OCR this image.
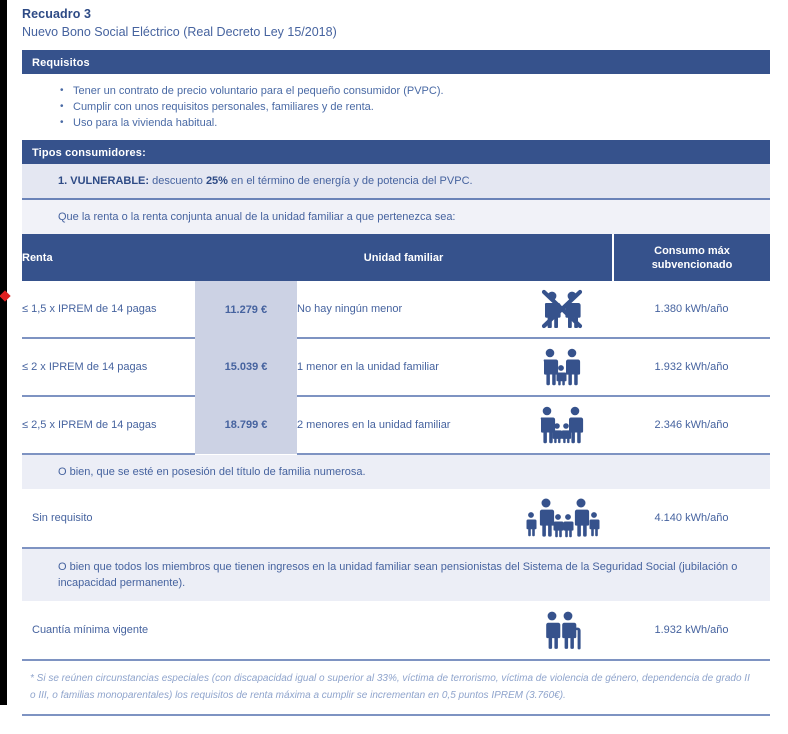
Recuadro 3
Nuevo Bono Social Eléctrico (Real Decreto Ley 15/2018)
Requisitos
• Tener un contrato de precio voluntario para el pequeño consumidor (PVPC).
• Cumplir con unos requisitos personales, familiares y de renta.
• Uso para la vivienda habitual.
Tipos consumidores:
1. VULNERABLE: descuento 25% en el término de energía y de potencia del PVPC.
Que la renta o la renta conjunta anual de la unidad familiar a que pertenezca sea:
Renta	Unidad familiar			Consumo máx
subvencionado
≤ 1,5 x IPREM de 14 pagas	11.279 €	No hay ningún menor		1.380 kWh/año
≤ 2 x IPREM de 14 pagas	15.039 €	1 menor en la unidad familiar		1.932 kWh/año
≤ 2,5 x IPREM de 14 pagas	18.799 €	2 menores en la unidad familiar		2.346 kWh/año
O bien, que se esté en posesión del título de familia numerosa.
Sin requisito		4.140 kWh/año
O bien que todos los miembros que tienen ingresos en la unidad familiar sean pensionistas del Sistema de la Seguridad Social (jubilación o incapacidad permanente).
Cuantía mínima vigente		1.932 kWh/año
* Si se reúnen circunstancias especiales (con discapacidad igual o superior al 33%, víctima de terrorismo, víctima de violencia de género, dependencia de grado II o III, o familias monoparentales) los requisitos de renta máxima a cumplir se incrementan en 0,5 puntos IPREM (3.760€).
